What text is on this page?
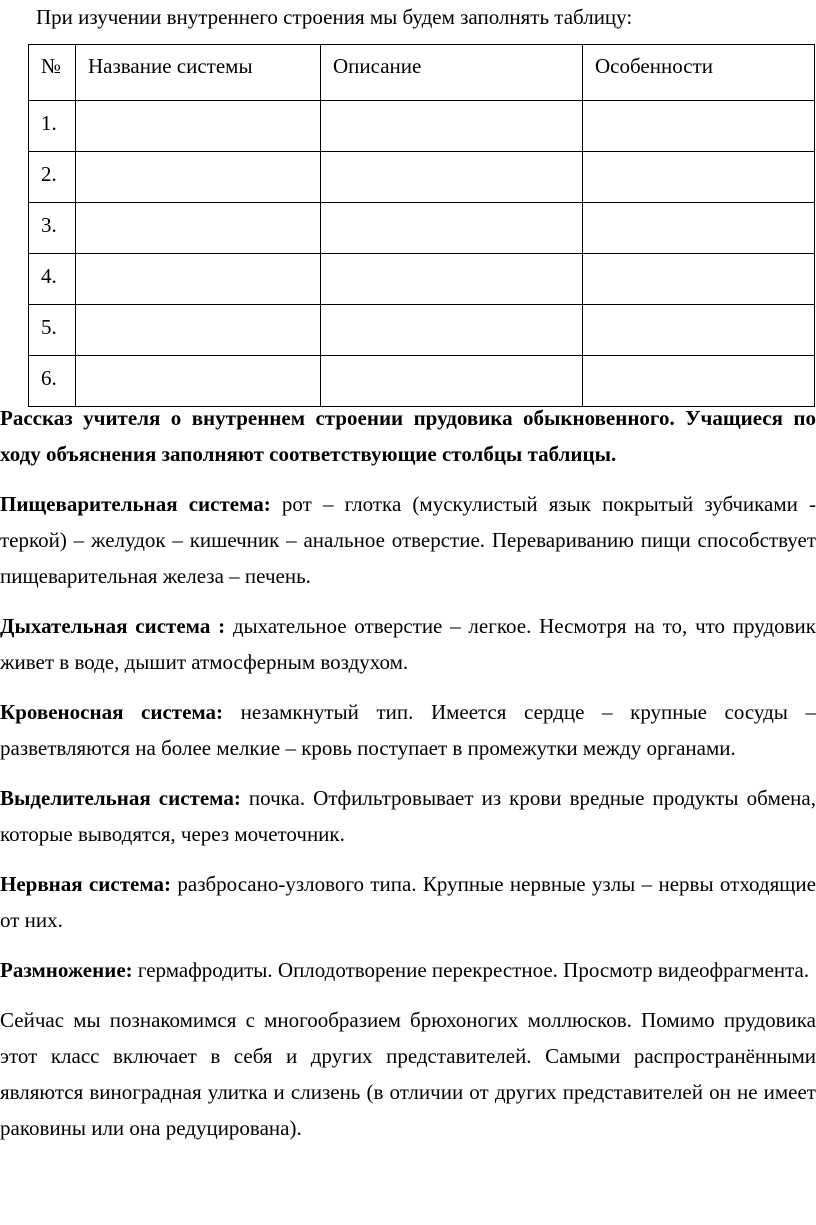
При изучении внутреннего строения мы будем заполнять таблицу:

№	Название системы	Описание	Особенности
1.			
2.			
3.			
4.			
5.			
6.			

Рассказ учителя о внутреннем строении прудовика обыкновенного. Учащиеся по ходу объяснения заполняют соответствующие столбцы таблицы.

Пищеварительная система: рот – глотка (мускулистый язык покрытый зубчиками - теркой) – желудок – кишечник – анальное отверстие. Перевариванию пищи способствует пищеварительная железа – печень.

Дыхательная система : дыхательное отверстие – легкое. Несмотря на то, что прудовик живет в воде, дышит атмосферным воздухом.

Кровеносная система: незамкнутый тип. Имеется сердце – крупные сосуды – разветвляются на более мелкие – кровь поступает в промежутки между органами.

Выделительная система: почка. Отфильтровывает из крови вредные продукты обмена, которые выводятся, через мочеточник.

Нервная система: разбросано-узлового типа. Крупные нервные узлы – нервы отходящие от них.

Размножение: гермафродиты. Оплодотворение перекрестное. Просмотр видеофрагмента.

Сейчас мы познакомимся с многообразием брюхоногих моллюсков. Помимо прудовика этот класс включает в себя и других представителей. Самыми распространёнными являются виноградная улитка и слизень (в отличии от других представителей он не имеет раковины или она редуцирована).
